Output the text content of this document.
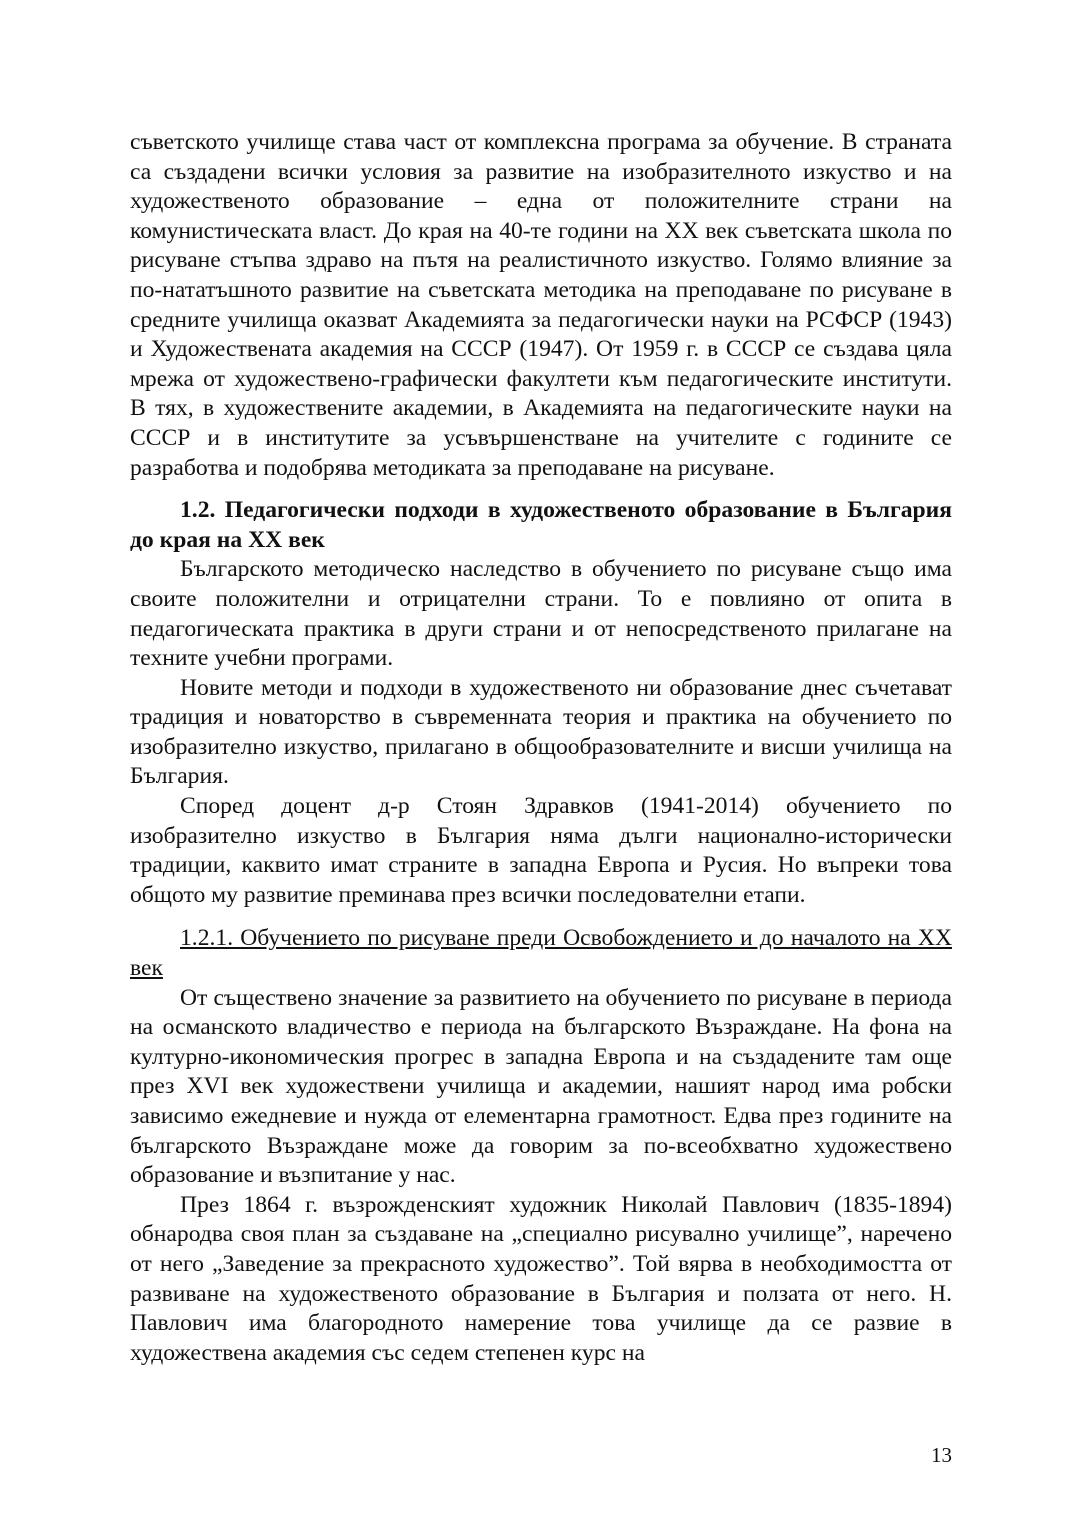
съветското училище става част от комплексна програма за обучение. В страната са създадени всички условия за развитие на изобразителното изкуство и на художественото образование – една от положителните страни на комунистическата власт. До края на 40-те години на ХХ век съветската школа по рисуване стъпва здраво на пътя на реалистичното изкуство. Голямо влияние за по-нататъшното развитие на съветската методика на преподаване по рисуване в средните училища оказват Академията за педагогически науки на РСФСР (1943) и Художествената академия на СССР (1947). От 1959 г. в СССР се създава цяла мрежа от художествено-графически факултети към педагогическите институти. В тях, в художествените академии, в Академията на педагогическите науки на СССР и в институтите за усъвършенстване на учителите с годините се разработва и подобрява методиката за преподаване на рисуване.

1.2. Педагогически подходи в художественото образование в България до края на ХХ век

Българското методическо наследство в обучението по рисуване също има своите положителни и отрицателни страни. То е повлияно от опита в педагогическата практика в други страни и от непосредственото прилагане на техните учебни програми.

Новите методи и подходи в художественото ни образование днес съчетават традиция и новаторство в съвременната теория и практика на обучението по изобразително изкуство, прилагано в общообразователните и висши училища на България.

Според доцент д-р Стоян Здравков (1941-2014) обучението по изобразително изкуство в България няма дълги национално-исторически традиции, каквито имат страните в западна Европа и Русия. Но въпреки това общото му развитие преминава през всички последователни етапи.

1.2.1. Обучението по рисуване преди Освобождението и до началото на ХХ век

От съществено значение за развитието на обучението по рисуване в периода на османското владичество е периода на българското Възраждане. На фона на културно-икономическия прогрес в западна Европа и на създадените там още през XVI век художествени училища и академии, нашият народ има робски зависимо ежедневие и нужда от елементарна грамотност. Едва през годините на българското Възраждане може да говорим за по-всеобхватно художествено образование и възпитание у нас.

През 1864 г. възрожденският художник Николай Павлович (1835-1894) обнародва своя план за създаване на „специално рисувално училище”, наречено от него „Заведение за прекрасното художество”. Той вярва в необходимостта от развиване на художественото образование в България и ползата от него. Н. Павлович има благородното намерение това училище да се развие в художествена академия със седем степенен курс на

13
